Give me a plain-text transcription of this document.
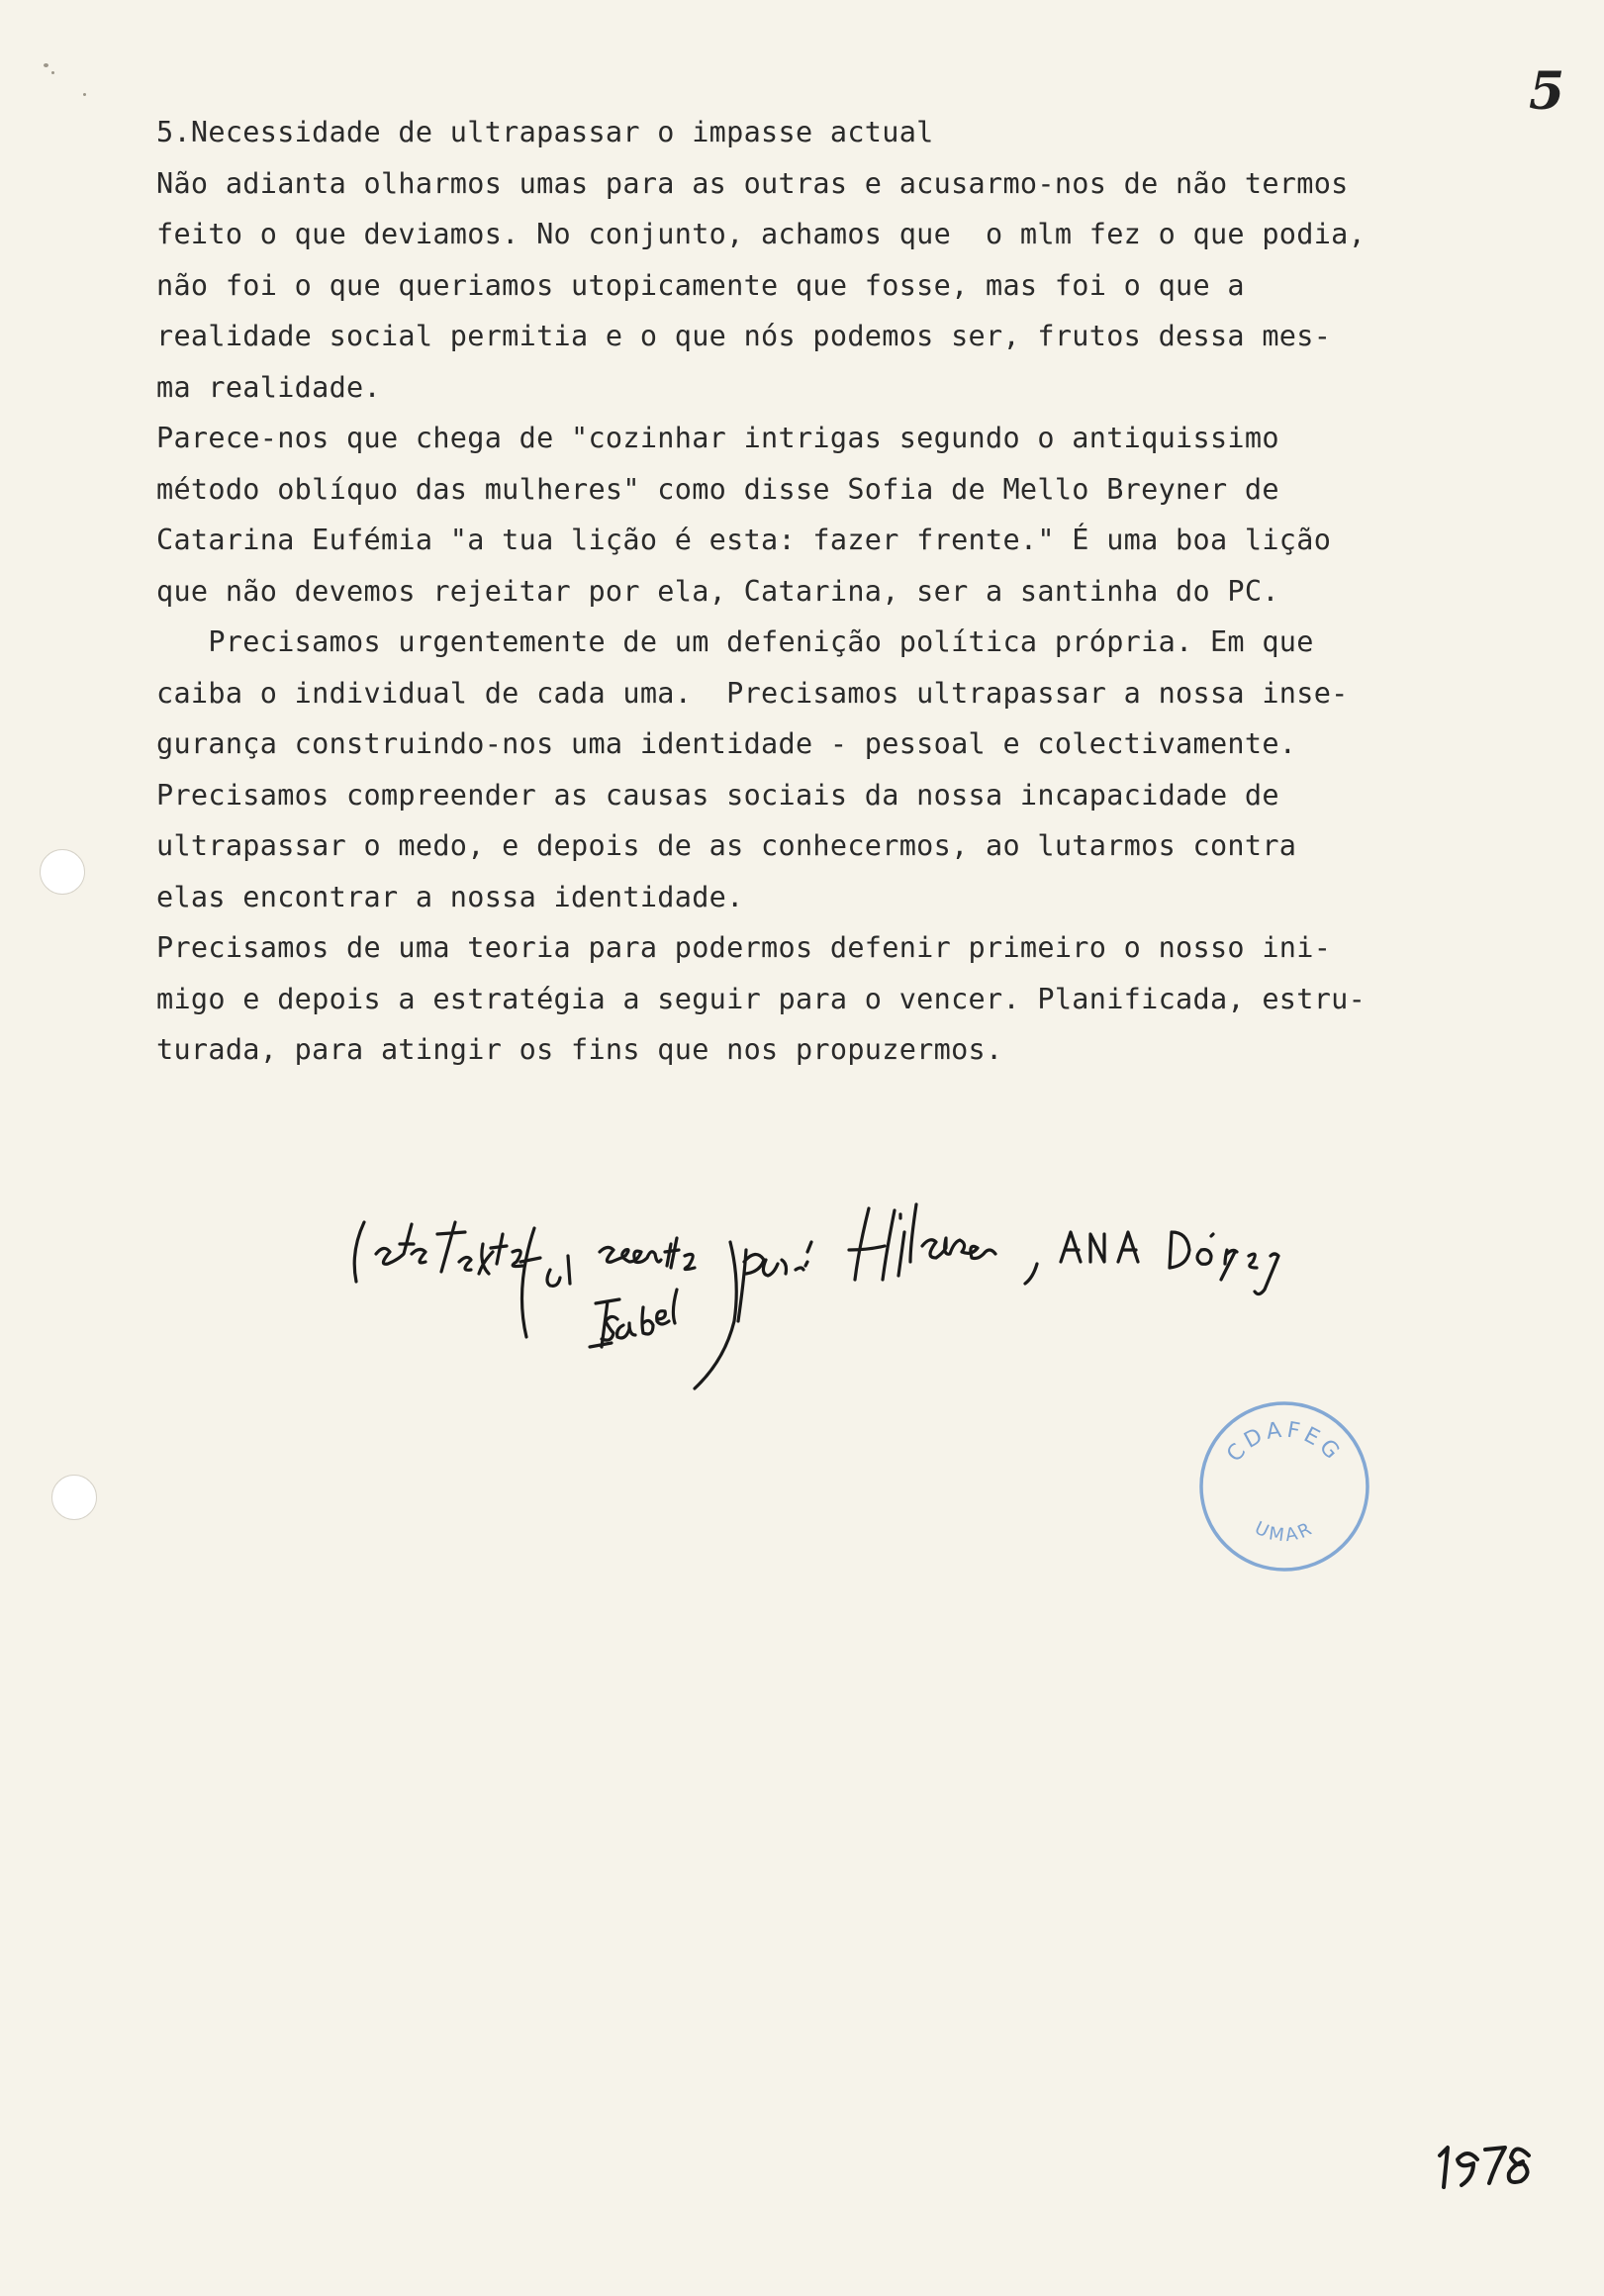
5

5.Necessidade de ultrapassar o impasse actual

Não adianta olharmos umas para as outras e acusarmo-nos de não termos

feito o que deviamos. No conjunto, achamos que  o mlm fez o que podia,

não foi o que queriamos utopicamente que fosse, mas foi o que a

realidade social permitia e o que nós podemos ser, frutos dessa mes-

ma realidade.

Parece-nos que chega de "cozinhar intrigas segundo o antiquissimo

método oblíquo das mulheres" como disse Sofia de Mello Breyner de

Catarina Eufémia "a tua lição é esta: fazer frente." É uma boa lição

que não devemos rejeitar por ela, Catarina, ser a santinha do PC.

Precisamos urgentemente de um defenição política própria. Em que

caiba o individual de cada uma.  Precisamos ultrapassar a nossa inse-

gurança construindo-nos uma identidade - pessoal e colectivamente.

Precisamos compreender as causas sociais da nossa incapacidade de

ultrapassar o medo, e depois de as conhecermos, ao lutarmos contra

elas encontrar a nossa identidade.

Precisamos de uma teoria para podermos defenir primeiro o nosso ini-

migo e depois a estratégia a seguir para o vencer. Planificada, estru-

turada, para atingir os fins que nos propuzermos.

CDAFEG
UMAR
